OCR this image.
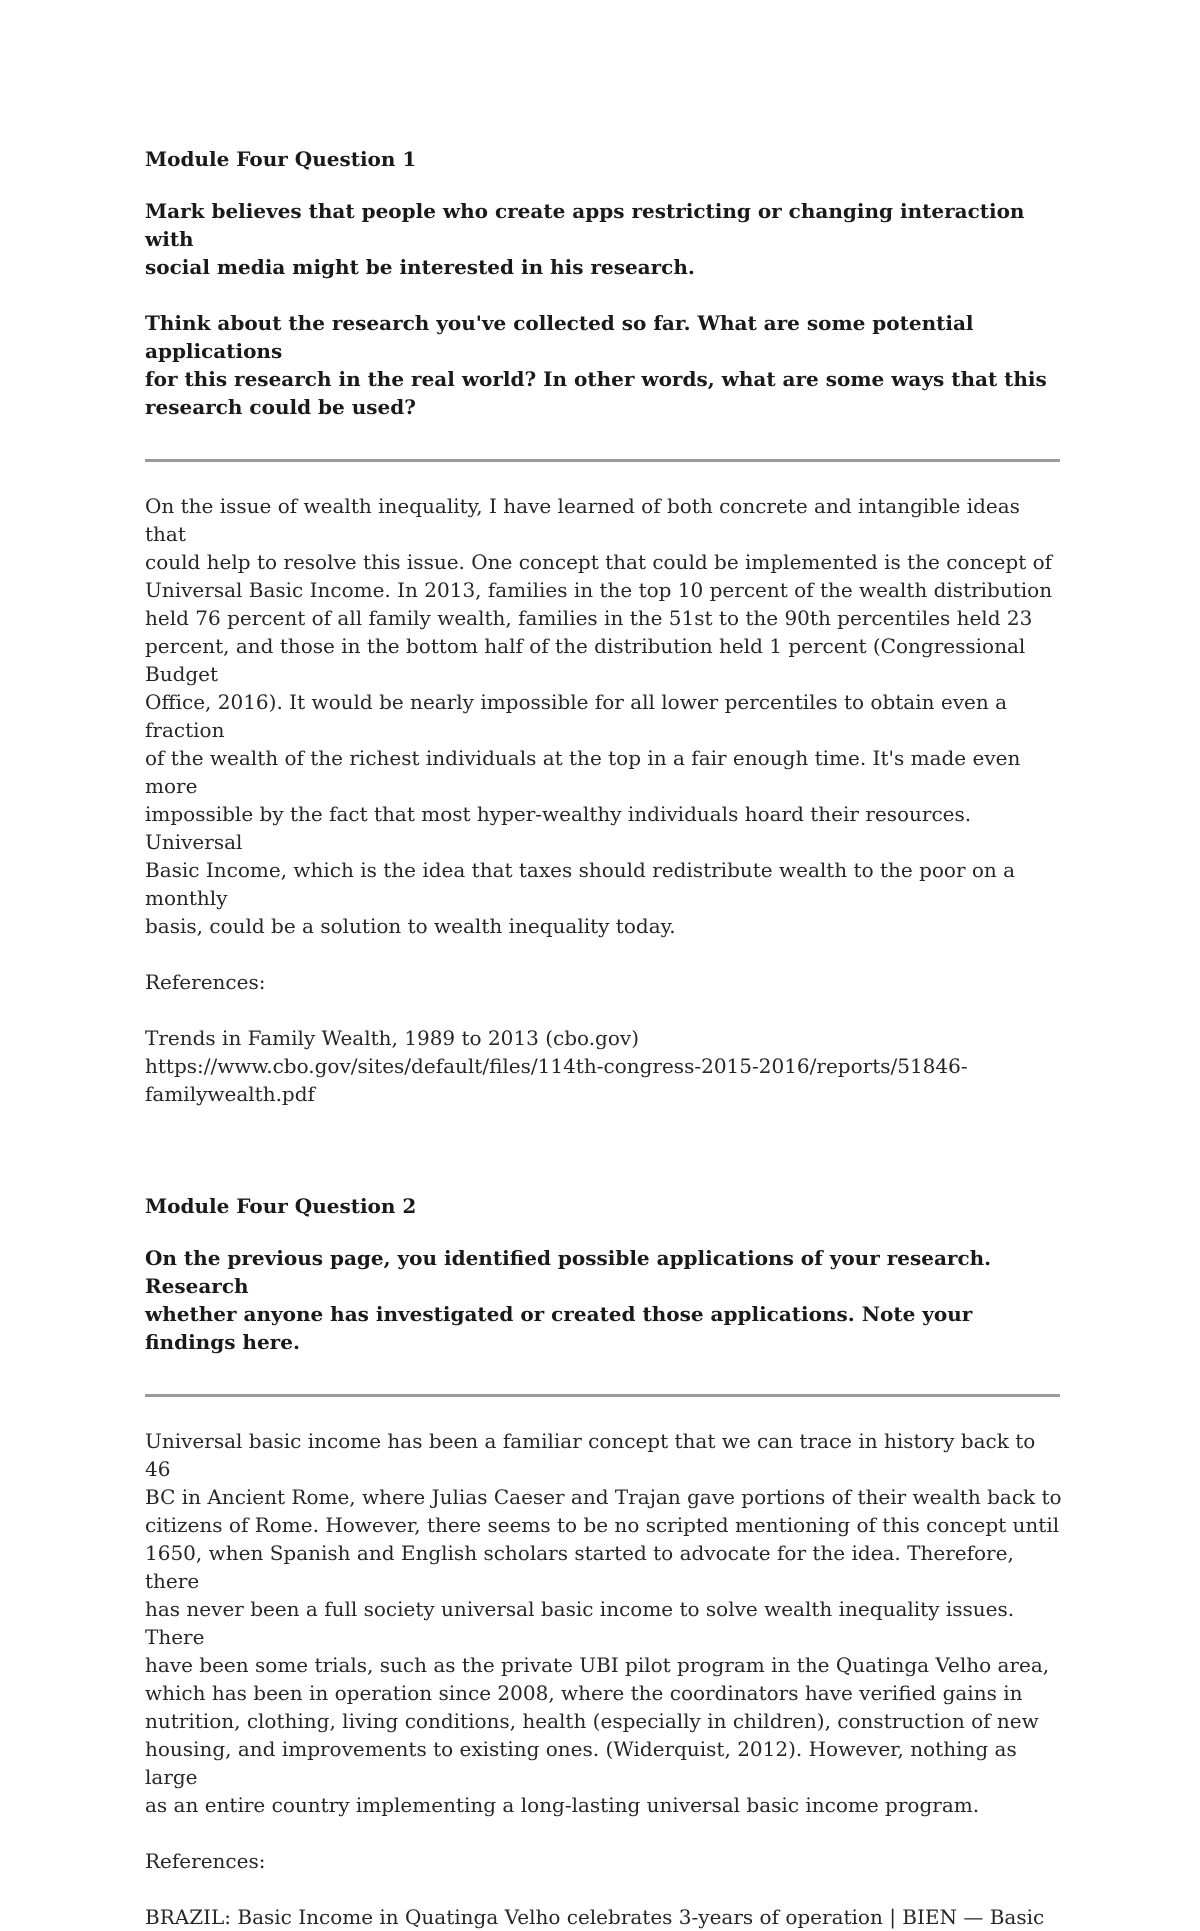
Module Four Question 1
Mark believes that people who create apps restricting or changing interaction with
social media might be interested in his research.
Think about the research you've collected so far. What are some potential applications
for this research in the real world? In other words, what are some ways that this
research could be used?
On the issue of wealth inequality, I have learned of both concrete and intangible ideas that
could help to resolve this issue. One concept that could be implemented is the concept of
Universal Basic Income. In 2013, families in the top 10 percent of the wealth distribution
held 76 percent of all family wealth, families in the 51st to the 90th percentiles held 23
percent, and those in the bottom half of the distribution held 1 percent (Congressional Budget
Office, 2016). It would be nearly impossible for all lower percentiles to obtain even a fraction
of the wealth of the richest individuals at the top in a fair enough time. It's made even more
impossible by the fact that most hyper-wealthy individuals hoard their resources. Universal
Basic Income, which is the idea that taxes should redistribute wealth to the poor on a monthly
basis, could be a solution to wealth inequality today.
References:
Trends in Family Wealth, 1989 to 2013 (cbo.gov)
https://www.cbo.gov/sites/default/files/114th-congress-2015-2016/reports/51846-
familywealth.pdf
Module Four Question 2
On the previous page, you identified possible applications of your research. Research
whether anyone has investigated or created those applications. Note your findings here.
Universal basic income has been a familiar concept that we can trace in history back to 46
BC in Ancient Rome, where Julias Caeser and Trajan gave portions of their wealth back to
citizens of Rome. However, there seems to be no scripted mentioning of this concept until
1650, when Spanish and English scholars started to advocate for the idea. Therefore, there
has never been a full society universal basic income to solve wealth inequality issues. There
have been some trials, such as the private UBI pilot program in the Quatinga Velho area,
which has been in operation since 2008, where the coordinators have verified gains in
nutrition, clothing, living conditions, health (especially in children), construction of new
housing, and improvements to existing ones. (Widerquist, 2012). However, nothing as large
as an entire country implementing a long-lasting universal basic income program.
References:
BRAZIL: Basic Income in Quatinga Velho celebrates 3-years of operation | BIEN — Basic
